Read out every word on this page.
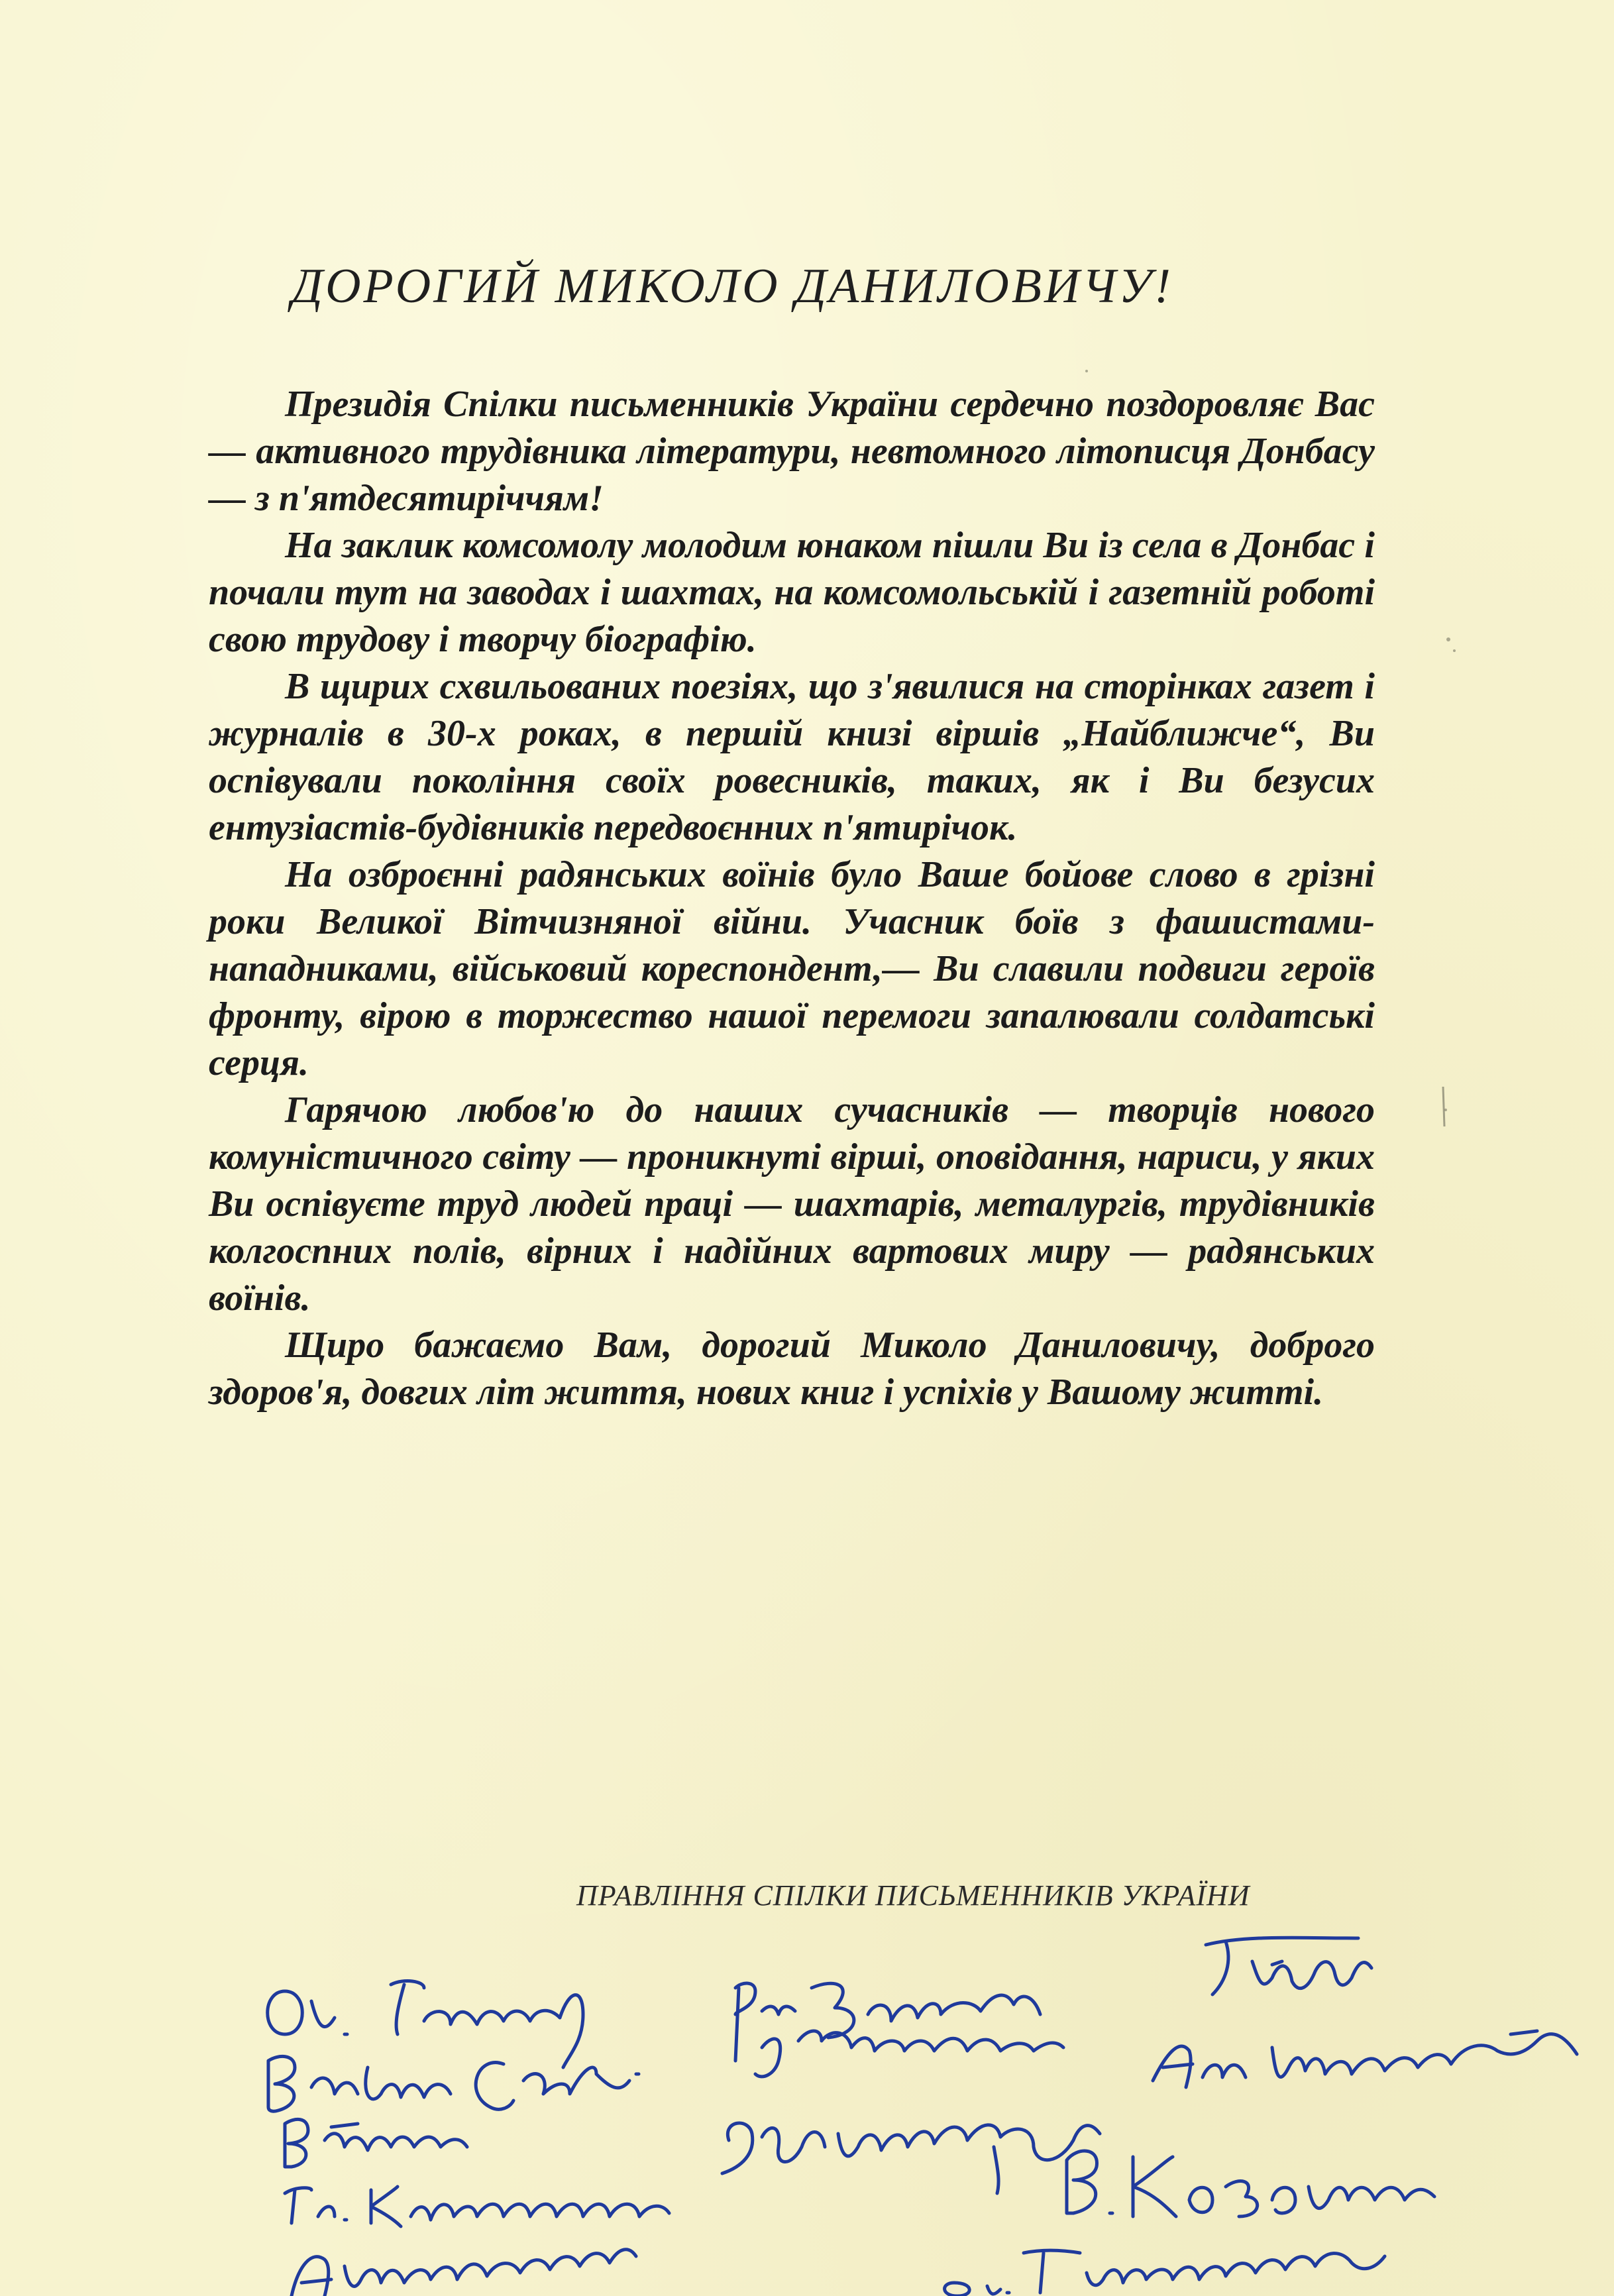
ДОРОГИЙ МИКОЛО ДАНИЛОВИЧУ!

Президія Спілки письменників України сердечно поздоровляє Вас — активного трудівника літератури, невтомного літописця Донбасу — з п'ятдесятиріччям!

На заклик комсомолу молодим юнаком пішли Ви із села в Донбас і почали тут на заводах і шахтах, на комсомольській і газетній роботі свою трудову і творчу біографію.

В щирих схвильованих поезіях, що з'явилися на сторінках газет і журналів в 30-х роках, в першій книзі віршів „Найближче“, Ви оспівували покоління своїх ровесників, таких, як і Ви безусих ентузіастів-будівників передвоєнних п'ятирічок.

На озброєнні радянських воїнів було Ваше бойове слово в грізні роки Великої Вітчизняної війни. Учасник боїв з фашистами-нападниками, військовий кореспондент,— Ви славили подвиги героїв фронту, вірою в торжество нашої перемоги запалювали солдатські серця.

Гарячою любов'ю до наших сучасників — творців нового комуністичного світу — проникнуті вірші, оповідання, нариси, у яких Ви оспівуєте труд людей праці — шахтарів, металургів, трудівників колгоспних полів, вірних і надійних вартових миру — радянських воїнів.

Щиро бажаємо Вам, дорогий Миколо Даниловичу, доброго здоров'я, довгих літ життя, нових книг і успіхів у Вашому житті.

ПРАВЛІННЯ СПІЛКИ ПИСЬМЕННИКІВ УКРАЇНИ
